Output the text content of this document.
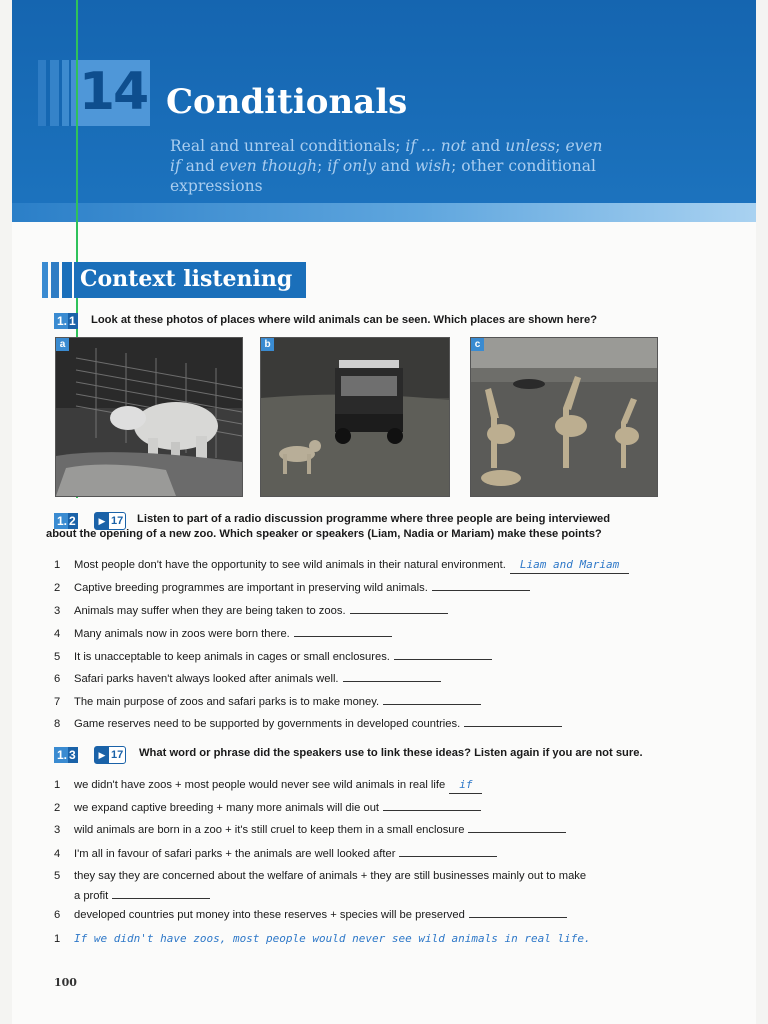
14 Conditionals
Real and unreal conditionals; if ... not and unless; even if and even though; if only and wish; other conditional expressions
Context listening
1. 1 Look at these photos of places where wild animals can be seen. Which places are shown here?
a	b	c
1. 2	▶ 17 Listen to part of a radio discussion programme where three people are being interviewed
about the opening of a new zoo. Which speaker or speakers (Liam, Nadia or Mariam) make these points?
1 Most people don't have the opportunity to see wild animals in their natural environment. Liam and Mariam
2 Captive breeding programmes are important in preserving wild animals.
3 Animals may suffer when they are being taken to zoos.
4 Many animals now in zoos were born there.
5 It is unacceptable to keep animals in cages or small enclosures.
6 Safari parks haven't always looked after animals well.
7 The main purpose of zoos and safari parks is to make money.
8 Game reserves need to be supported by governments in developed countries.
1. 3	▶ 17 What word or phrase did the speakers use to link these ideas? Listen again if you are not sure.
1 we didn't have zoos + most people would never see wild animals in real life if
2 we expand captive breeding + many more animals will die out
3 wild animals are born in a zoo + it's still cruel to keep them in a small enclosure
4 I'm all in favour of safari parks + the animals are well looked after
5 they say they are concerned about the welfare of animals + they are still businesses mainly out to make
a profit
6 developed countries put money into these reserves + species will be preserved
1 If we didn't have zoos, most people would never see wild animals in real life.
100
